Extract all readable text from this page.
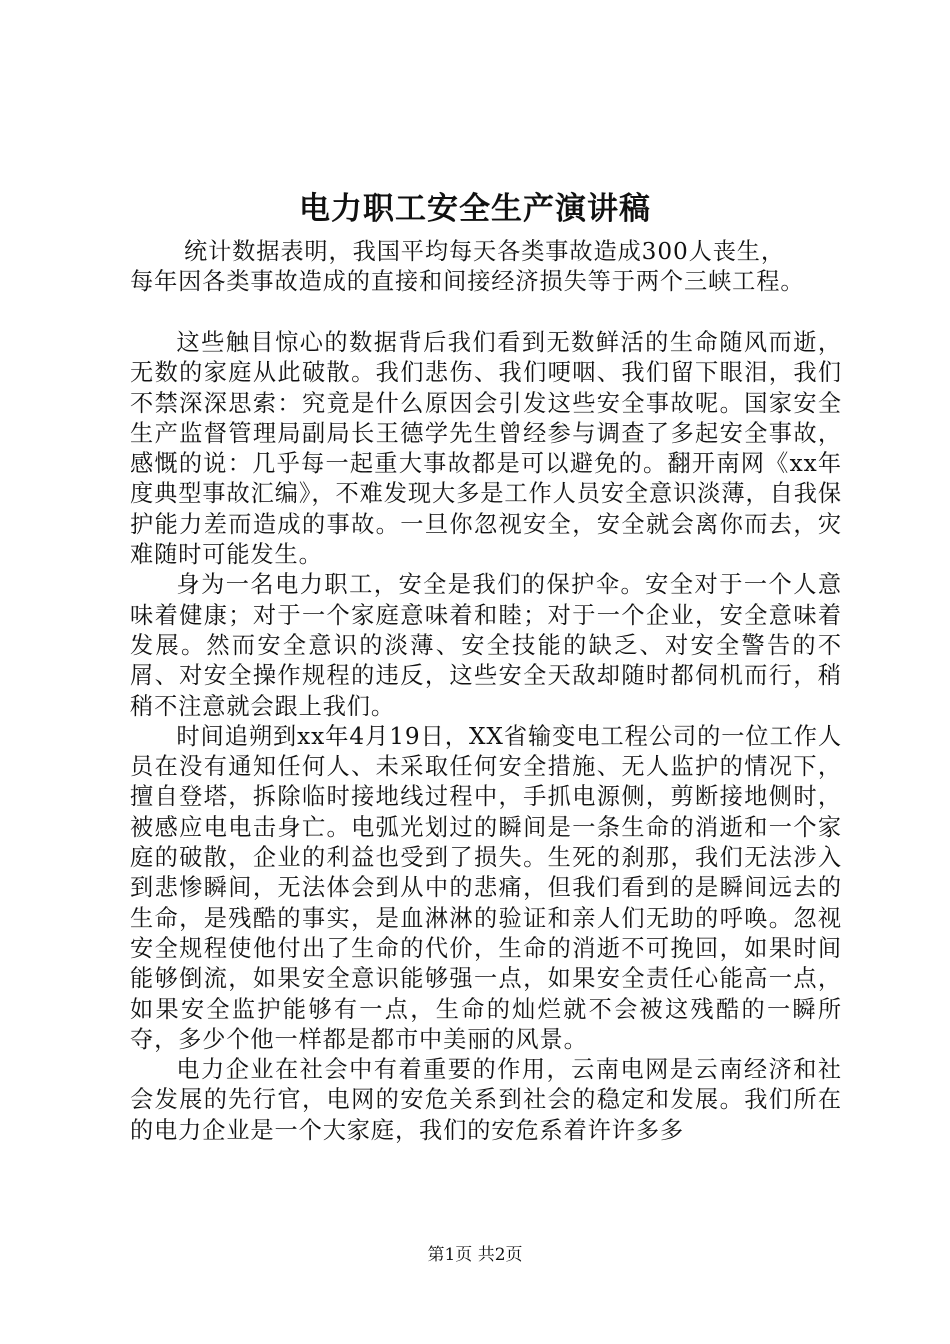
电力职工安全生产演讲稿
统计数据表明，我国平均每天各类事故造成300人丧生，
每年因各类事故造成的直接和间接经济损失等于两个三峡工程。

这些触目惊心的数据背后我们看到无数鲜活的生命随风而逝，无数的家庭从此破散。我们悲伤、我们哽咽、我们留下眼泪，我们不禁深深思索：究竟是什么原因会引发这些安全事故呢。国家安全生产监督管理局副局长王德学先生曾经参与调查了多起安全事故，感慨的说：几乎每一起重大事故都是可以避免的。翻开南网《xx年度典型事故汇编》，不难发现大多是工作人员安全意识淡薄，自我保护能力差而造成的事故。一旦你忽视安全，安全就会离你而去，灾难随时可能发生。

身为一名电力职工，安全是我们的保护伞。安全对于一个人意味着健康；对于一个家庭意味着和睦；对于一个企业，安全意味着发展。然而安全意识的淡薄、安全技能的缺乏、对安全警告的不屑、对安全操作规程的违反，这些安全天敌却随时都伺机而行，稍稍不注意就会跟上我们。

时间追朔到xx年4月19日，XX省输变电工程公司的一位工作人员在没有通知任何人、未采取任何安全措施、无人监护的情况下，擅自登塔，拆除临时接地线过程中，手抓电源侧，剪断接地侧时，被感应电电击身亡。电弧光划过的瞬间是一条生命的消逝和一个家庭的破散，企业的利益也受到了损失。生死的刹那，我们无法涉入到悲惨瞬间，无法体会到从中的悲痛，但我们看到的是瞬间远去的生命，是残酷的事实，是血淋淋的验证和亲人们无助的呼唤。忽视安全规程使他付出了生命的代价，生命的消逝不可挽回，如果时间能够倒流，如果安全意识能够强一点，如果安全责任心能高一点，如果安全监护能够有一点，生命的灿烂就不会被这残酷的一瞬所夺，多少个他一样都是都市中美丽的风景。

电力企业在社会中有着重要的作用，云南电网是云南经济和社会发展的先行官，电网的安危关系到社会的稳定和发展。我们所在的电力企业是一个大家庭，我们的安危系着许许多多

第1页 共2页
